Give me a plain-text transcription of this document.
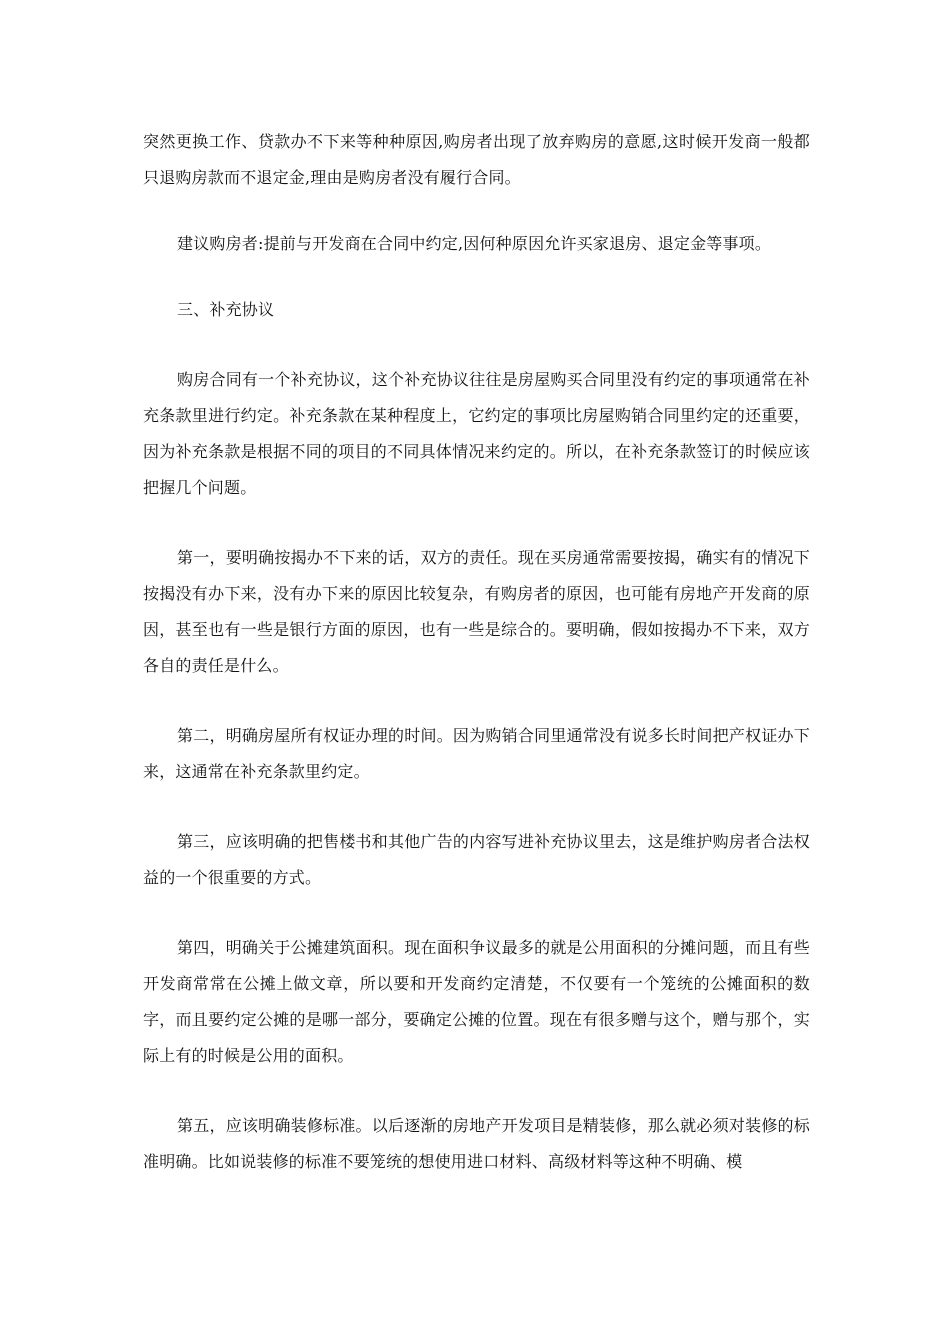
突然更换工作、贷款办不下来等种种原因,购房者出现了放弃购房的意愿,这时候开发商一般都只退购房款而不退定金,理由是购房者没有履行合同。

建议购房者:提前与开发商在合同中约定,因何种原因允许买家退房、退定金等事项。

三、补充协议

购房合同有一个补充协议，这个补充协议往往是房屋购买合同里没有约定的事项通常在补充条款里进行约定。补充条款在某种程度上，它约定的事项比房屋购销合同里约定的还重要，因为补充条款是根据不同的项目的不同具体情况来约定的。所以，在补充条款签订的时候应该把握几个问题。

第一，要明确按揭办不下来的话，双方的责任。现在买房通常需要按揭，确实有的情况下按揭没有办下来，没有办下来的原因比较复杂，有购房者的原因，也可能有房地产开发商的原因，甚至也有一些是银行方面的原因，也有一些是综合的。要明确，假如按揭办不下来，双方各自的责任是什么。

第二，明确房屋所有权证办理的时间。因为购销合同里通常没有说多长时间把产权证办下来，这通常在补充条款里约定。

第三，应该明确的把售楼书和其他广告的内容写进补充协议里去，这是维护购房者合法权益的一个很重要的方式。

第四，明确关于公摊建筑面积。现在面积争议最多的就是公用面积的分摊问题，而且有些开发商常常在公摊上做文章，所以要和开发商约定清楚，不仅要有一个笼统的公摊面积的数字，而且要约定公摊的是哪一部分，要确定公摊的位置。现在有很多赠与这个，赠与那个，实际上有的时候是公用的面积。

第五，应该明确装修标准。以后逐渐的房地产开发项目是精装修，那么就必须对装修的标准明确。比如说装修的标准不要笼统的想使用进口材料、高级材料等这种不明确、模
